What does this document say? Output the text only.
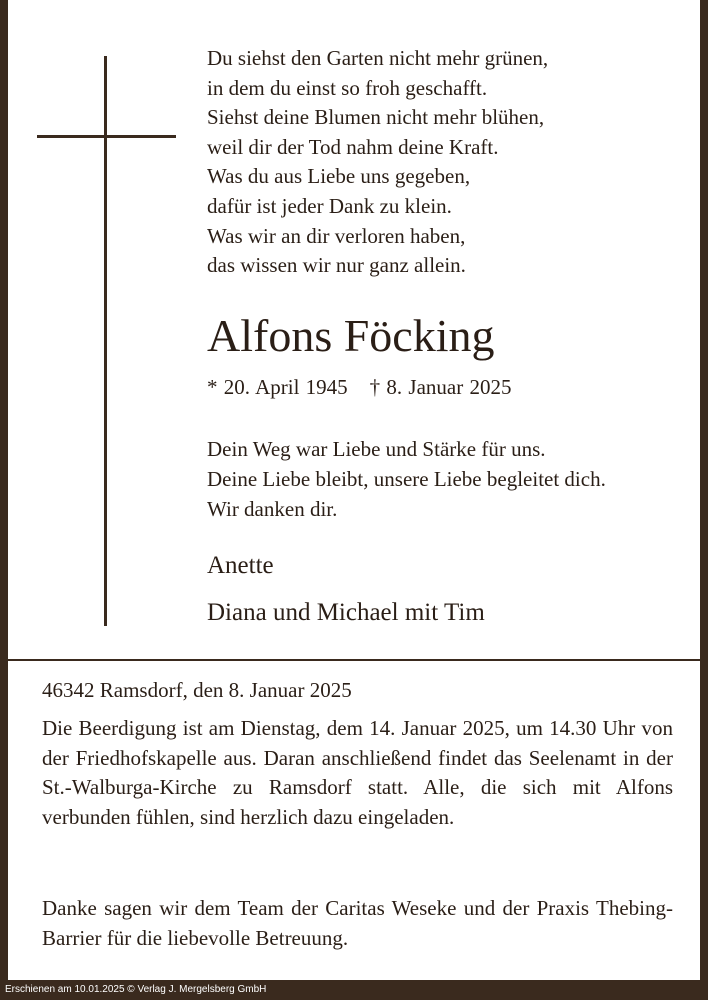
Du siehst den Garten nicht mehr grünen,
in dem du einst so froh geschafft.
Siehst deine Blumen nicht mehr blühen,
weil dir der Tod nahm deine Kraft.
Was du aus Liebe uns gegeben,
dafür ist jeder Dank zu klein.
Was wir an dir verloren haben,
das wissen wir nur ganz allein.
Alfons Föcking
* 20. April 1945 † 8. Januar 2025
Dein Weg war Liebe und Stärke für uns.
Deine Liebe bleibt, unsere Liebe begleitet dich.
Wir danken dir.
Anette
Diana und Michael mit Tim
46342 Ramsdorf, den 8. Januar 2025
Die Beerdigung ist am Dienstag, dem 14. Januar 2025, um 14.30 Uhr von der Friedhofskapelle aus. Daran anschließend findet das Seelenamt in der St.-Walburga-Kirche zu Ramsdorf statt. Alle, die sich mit Alfons verbunden fühlen, sind herzlich dazu eingeladen.
Danke sagen wir dem Team der Caritas Weseke und der Praxis Thebing-Barrier für die liebevolle Betreuung.
Erschienen am 10.01.2025 © Verlag J. Mergelsberg GmbH
